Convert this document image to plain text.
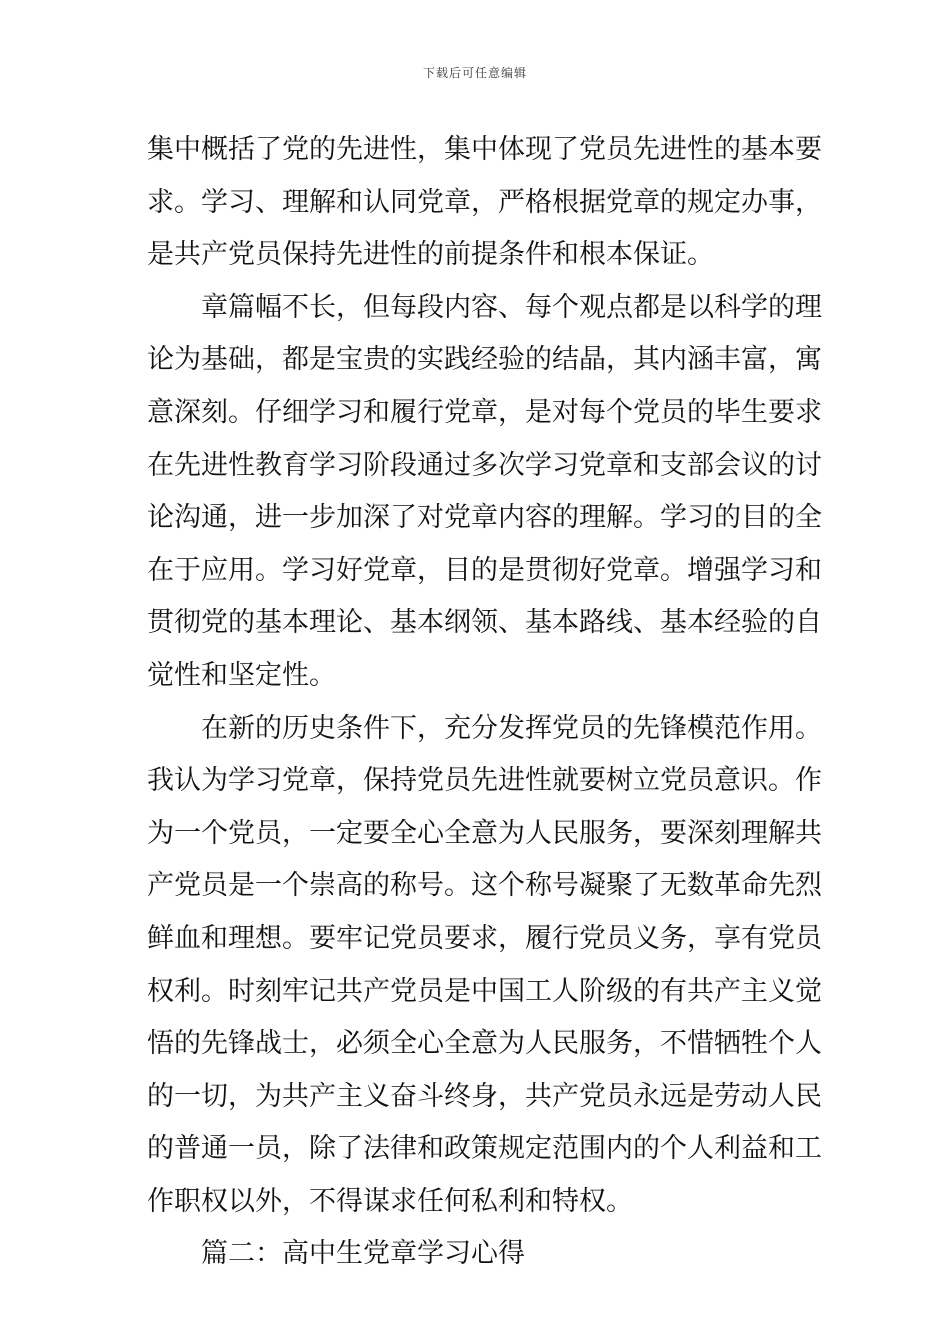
下载后可任意编辑
集中概括了党的先进性，集中体现了党员先进性的基本要
求。学习、理解和认同党章，严格根据党章的规定办事，
是共产党员保持先进性的前提条件和根本保证。
章篇幅不长，但每段内容、每个观点都是以科学的理
论为基础，都是宝贵的实践经验的结晶，其内涵丰富，寓
意深刻。仔细学习和履行党章，是对每个党员的毕生要求
在先进性教育学习阶段通过多次学习党章和支部会议的讨
论沟通，进一步加深了对党章内容的理解。学习的目的全
在于应用。学习好党章，目的是贯彻好党章。增强学习和
贯彻党的基本理论、基本纲领、基本路线、基本经验的自
觉性和坚定性。
在新的历史条件下，充分发挥党员的先锋模范作用。
我认为学习党章，保持党员先进性就要树立党员意识。作
为一个党员，一定要全心全意为人民服务，要深刻理解共
产党员是一个崇高的称号。这个称号凝聚了无数革命先烈
鲜血和理想。要牢记党员要求，履行党员义务，享有党员
权利。时刻牢记共产党员是中国工人阶级的有共产主义觉
悟的先锋战士，必须全心全意为人民服务，不惜牺牲个人
的一切，为共产主义奋斗终身，共产党员永远是劳动人民
的普通一员，除了法律和政策规定范围内的个人利益和工
作职权以外，不得谋求任何私利和特权。
篇二：高中生党章学习心得
